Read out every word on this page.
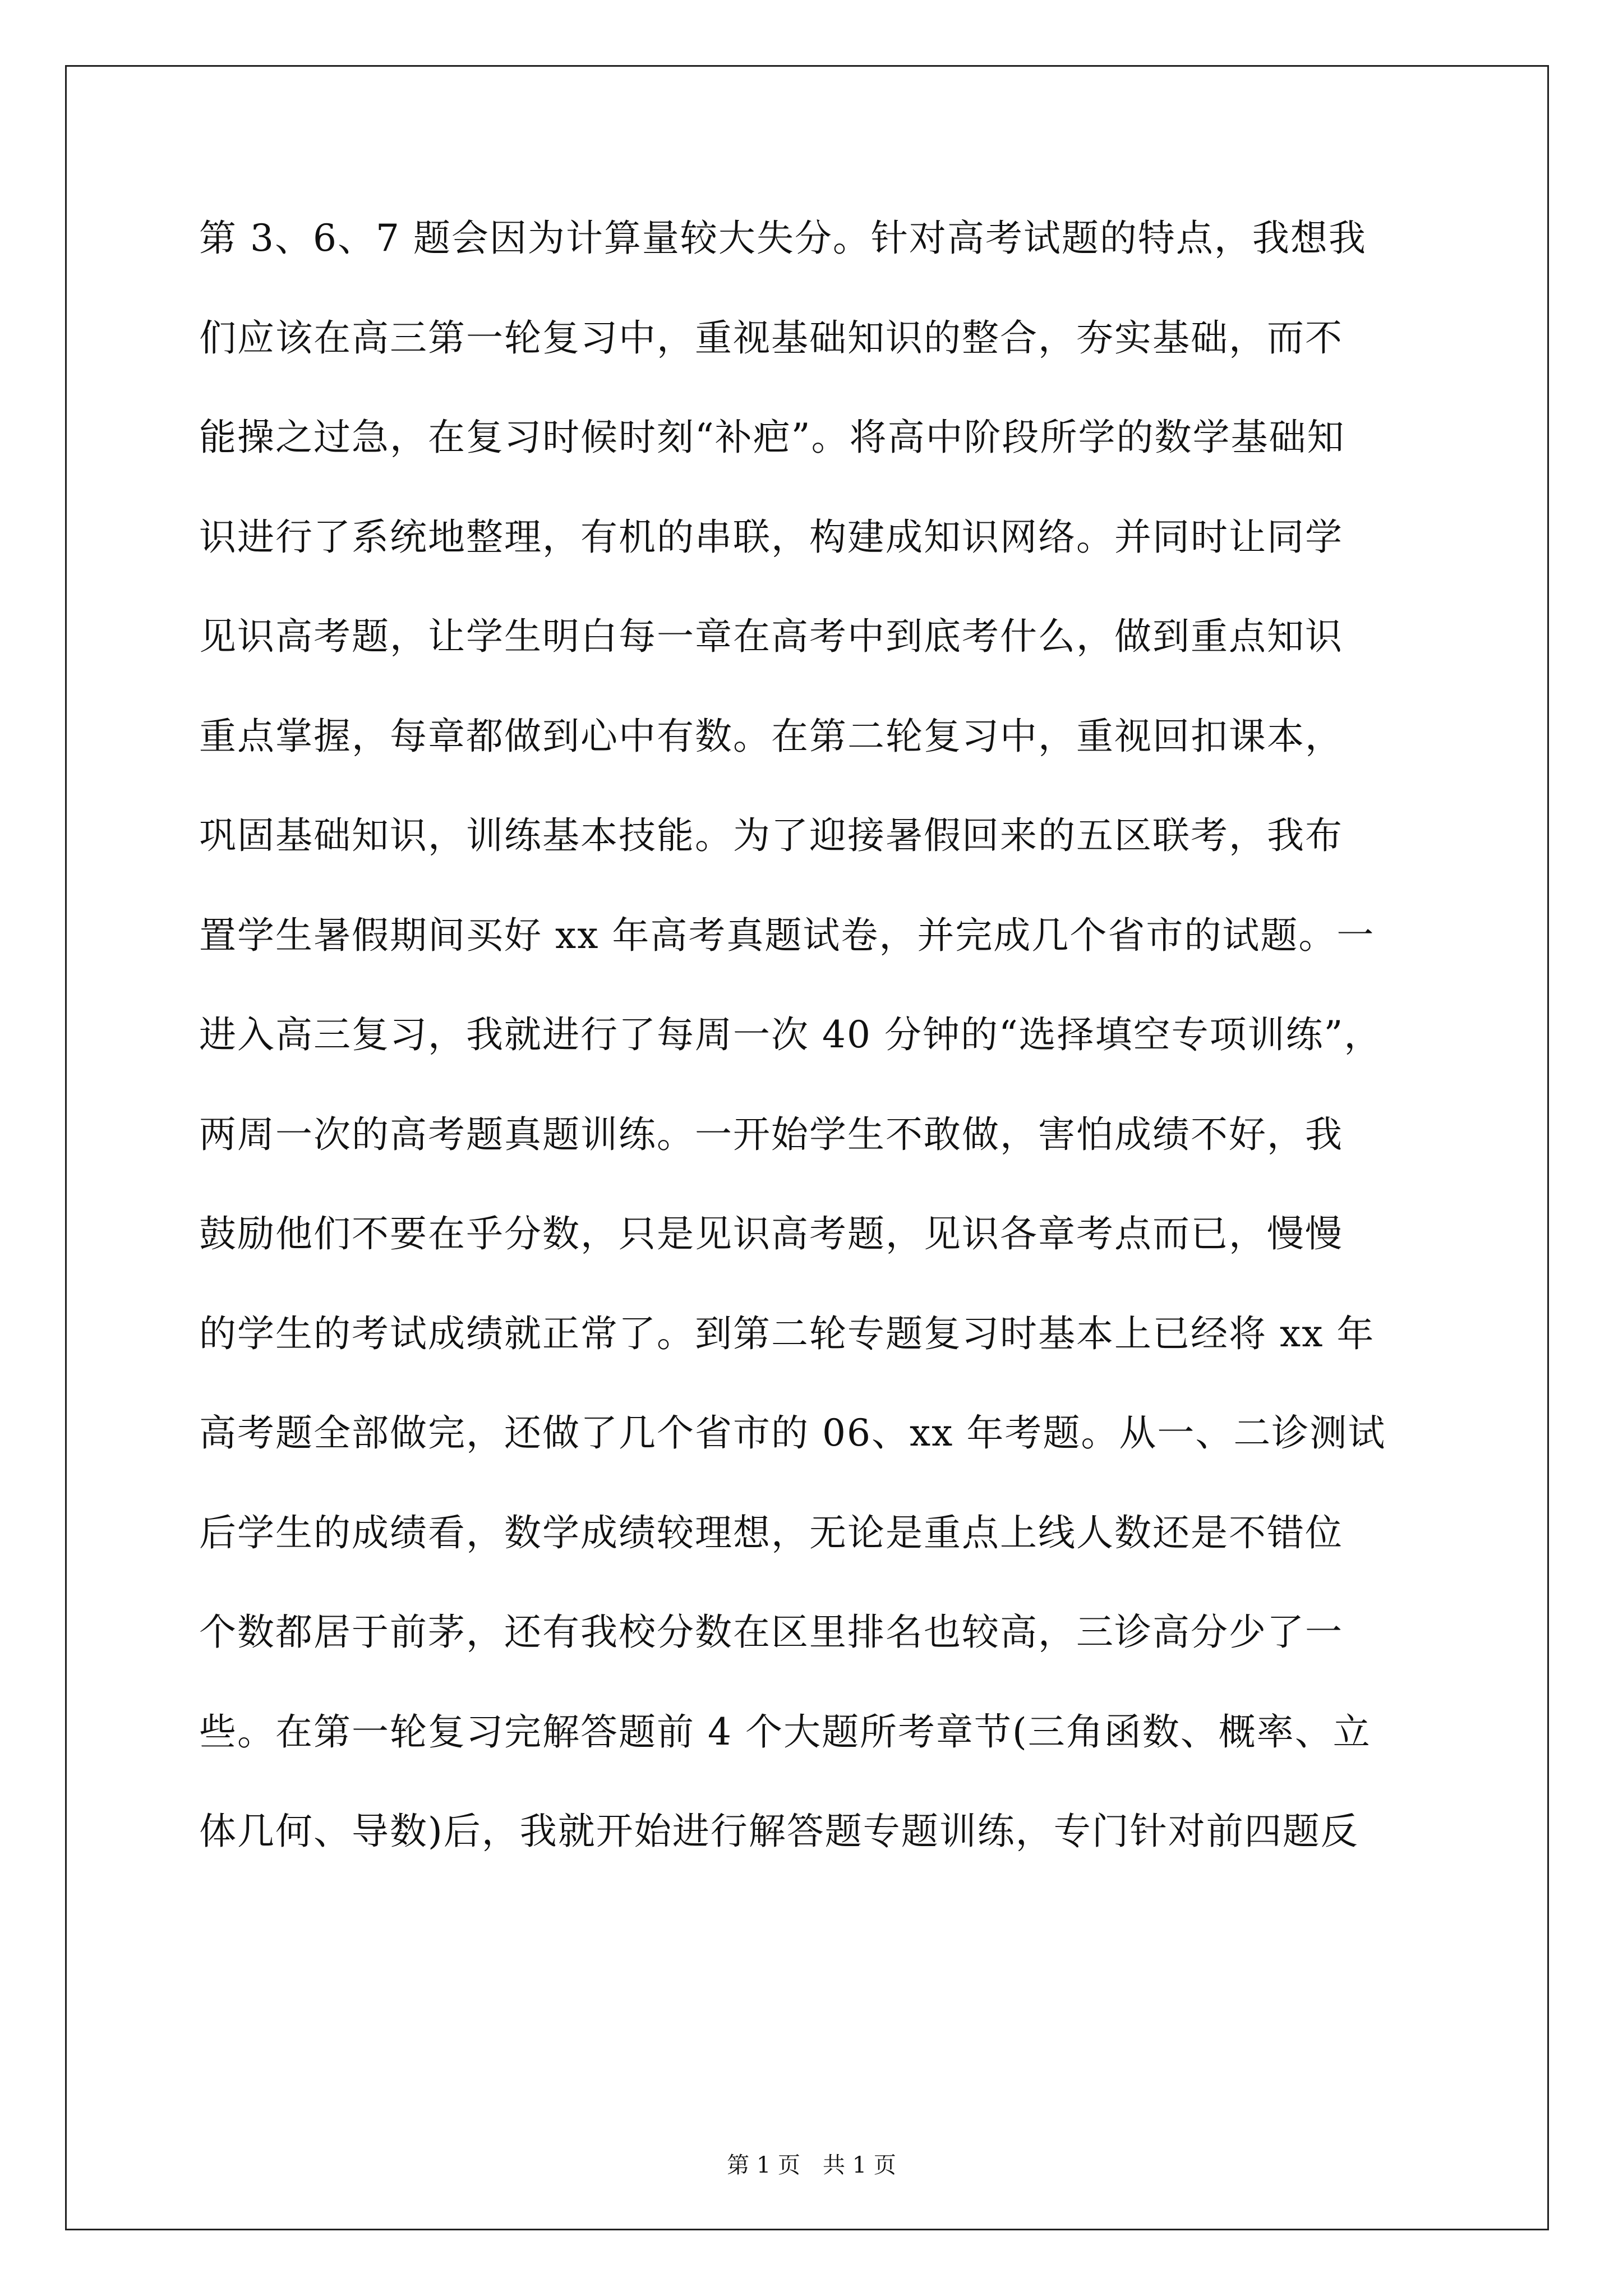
第 3、6、7 题会因为计算量较大失分。针对高考试题的特点，我想我
们应该在高三第一轮复习中，重视基础知识的整合，夯实基础，而不
能操之过急，在复习时候时刻“补疤”。将高中阶段所学的数学基础知
识进行了系统地整理，有机的串联，构建成知识网络。并同时让同学
见识高考题，让学生明白每一章在高考中到底考什么，做到重点知识
重点掌握，每章都做到心中有数。在第二轮复习中，重视回扣课本，
巩固基础知识，训练基本技能。为了迎接暑假回来的五区联考，我布
置学生暑假期间买好 xx 年高考真题试卷，并完成几个省市的试题。一
进入高三复习，我就进行了每周一次 40 分钟的“选择填空专项训练”，
两周一次的高考题真题训练。一开始学生不敢做，害怕成绩不好，我
鼓励他们不要在乎分数，只是见识高考题，见识各章考点而已，慢慢
的学生的考试成绩就正常了。到第二轮专题复习时基本上已经将 xx 年
高考题全部做完，还做了几个省市的 06、xx 年考题。从一、二诊测试
后学生的成绩看，数学成绩较理想，无论是重点上线人数还是不错位
个数都居于前茅，还有我校分数在区里排名也较高，三诊高分少了一
些。在第一轮复习完解答题前 4 个大题所考章节(三角函数、概率、立
体几何、导数)后，我就开始进行解答题专题训练，专门针对前四题反
第 1 页　共 1 页
